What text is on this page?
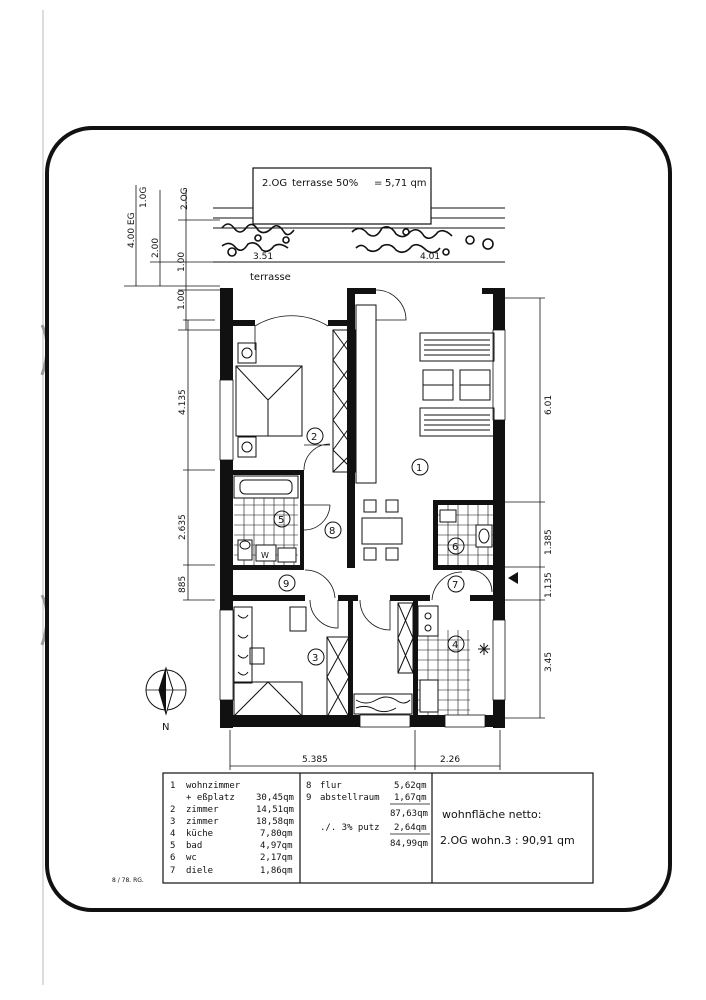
2.OG terrasse 50% = 5,71 qm
4.00 EG
1.0G	2.OG
2.00
1.00
1.00
3.51	4.01
terrasse
W
1
2
3
4
5
6
7
8
9
4.135
2.635
885
6.01
1.385
1.135
3.45
5.385	2.26
N
1 wohnzimmer
+ eßplatz 30,45qm
2 zimmer	14,51qm
3 zimmer	18,58qm
4 küche	7,80qm
5 bad	4,97qm
6 wc	2,17qm
7 diele	1,86qm
8 flur	5,62qm
9 abstellraum 1,67qm
87,63qm
./. 3% putz 2,64qm
84,99qm
wohnfläche netto:
2.OG wohn.3 : 90,91 qm
8 / 78. RG.
